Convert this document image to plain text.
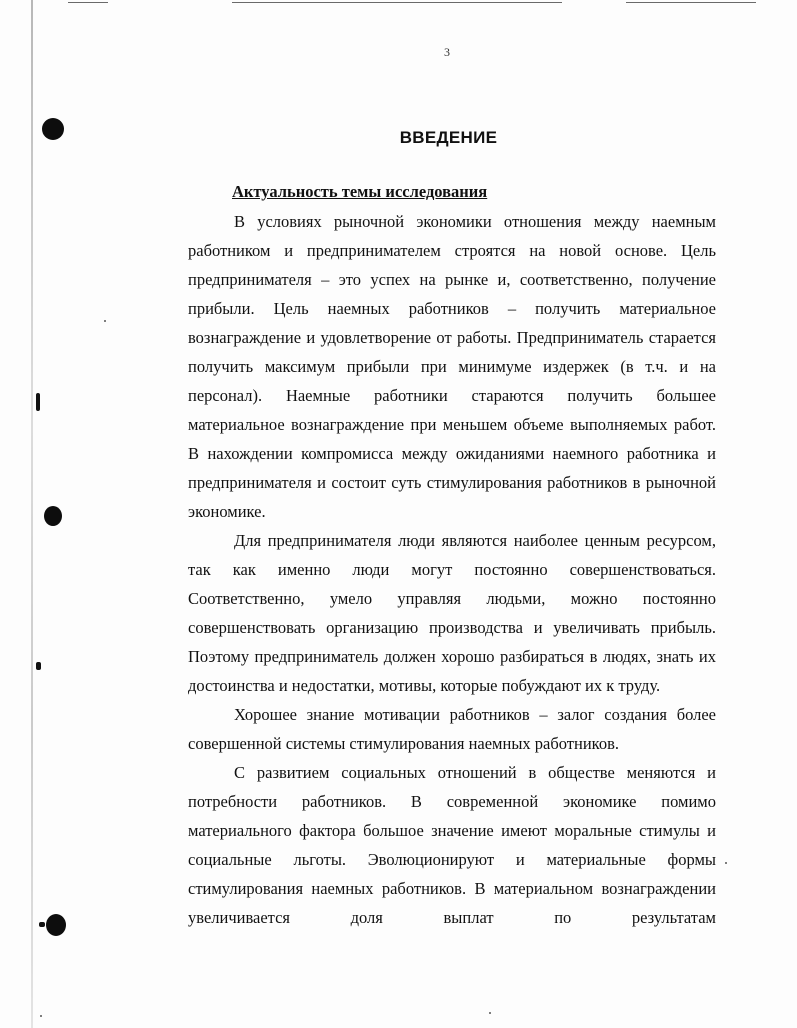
3
ВВЕДЕНИЕ
Актуальность темы исследования

В условиях рыночной экономики отношения между наемным работником и предпринимателем строятся на новой основе. Цель предпринимателя – это успех на рынке и, соответственно, получение прибыли. Цель наемных работников – получить материальное вознаграждение и удовлетворение от работы. Предприниматель старается получить максимум прибыли при минимуме издержек (в т.ч. и на персонал). Наемные работники стараются получить большее материальное вознаграждение при меньшем объеме выполняемых работ. В нахождении компромисса между ожиданиями наемного работника и предпринимателя и состоит суть стимулирования работников в рыночной экономике.

Для предпринимателя люди являются наиболее ценным ресурсом, так как именно люди могут постоянно совершенствоваться. Соответственно, умело управляя людьми, можно постоянно совершенствовать организацию производства и увеличивать прибыль. Поэтому предприниматель должен хорошо разбираться в людях, знать их достоинства и недостатки, мотивы, которые побуждают их к труду.

Хорошее знание мотивации работников – залог создания более совершенной системы стимулирования наемных работников.

С развитием социальных отношений в обществе меняются и потребности работников. В современной экономике помимо материального фактора большое значение имеют моральные стимулы и социальные льготы. Эволюционируют и материальные формы стимулирования наемных работников. В материальном вознаграждении увеличивается доля выплат по результатам
